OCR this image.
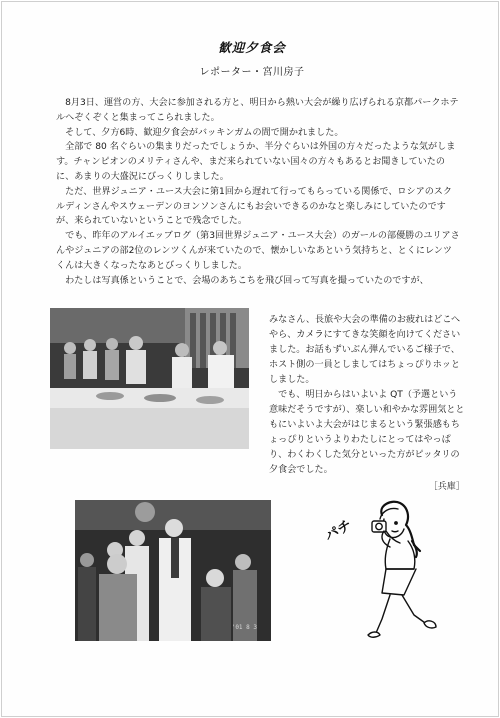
歓迎夕食会
レポーター・宮川房子

8月3日、運営の方、大会に参加される方と、明日から熱い大会が繰り広げられる京都パークホテルへぞくぞくと集まってこられました。

そして、夕方6時、歓迎夕食会がバッキンガムの間で開かれました。

全部で 80 名ぐらいの集まりだったでしょうか、半分ぐらいは外国の方々だったような気がします。チャンピオンのメリティさんや、まだ来られていない国々の方々もあるとお聞きしていたのに、あまりの大盛況にびっくりしました。

ただ、世界ジュニア・ユース大会に第1回から遅れて行ってもらっている関係で、ロシアのスクルディンさんやスウェーデンのヨンソンさんにもお会いできるのかなと楽しみにしていたのですが、来られていないということで残念でした。

でも、昨年のアルイエッブログ（第3回世界ジュニア・ユース大会）のガールの部優勝のユリアさんやジュニアの部2位のレンツくんが来ていたので、懐かしいなあという気持ちと、とくにレンツくんは大きくなったなあとびっくりしました。

わたしは写真係ということで、会場のあちこちを飛び回って写真を撮っていたのですが、

'01 8 3

みなさん、長旅や大会の準備のお疲れはどこへやら、カメラにすてきな笑顔を向けてくださいました。お話もずいぶん弾んでいるご様子で、ホスト側の一員としましてはちょっぴりホッとしました。

でも、明日からはいよいよ QT（予選という意味だそうですが）、楽しい和やかな雰囲気とともにいよいよ大会がはじまるという緊張感もちょっぴりというよりわたしにとってはやっぱり、わくわくした気分といった方がピッタリの夕食会でした。

［兵庫］
パチ
